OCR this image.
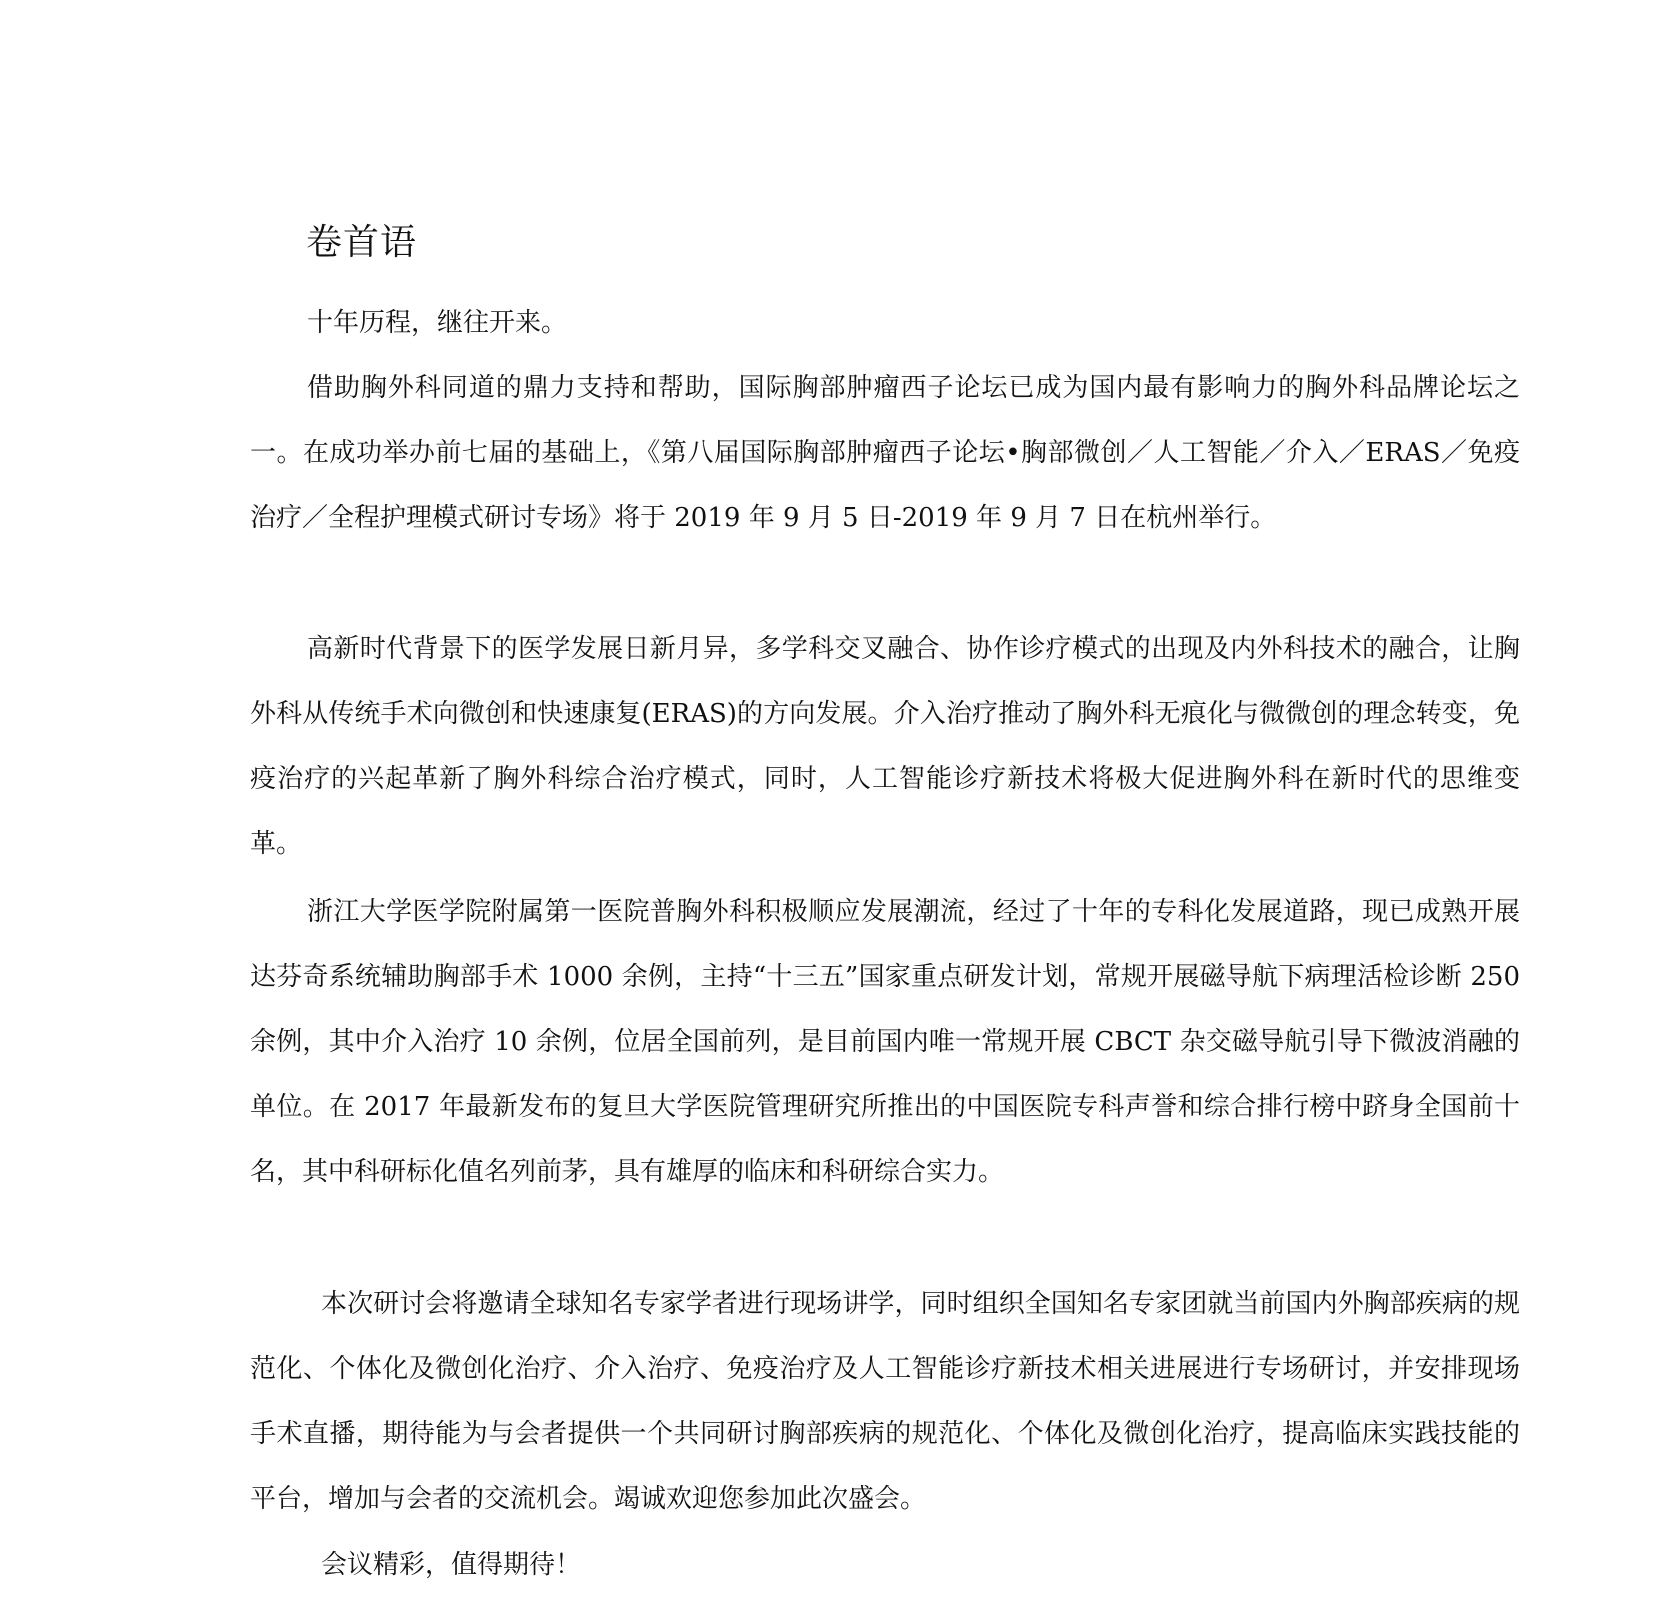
卷首语

十年历程，继往开来。

借助胸外科同道的鼎力支持和帮助，国际胸部肿瘤西子论坛已成为国内最有影响力的胸外科品牌论坛之一。在成功举办前七届的基础上，《第八届国际胸部肿瘤西子论坛•胸部微创／人工智能／介入／ERAS／免疫治疗／全程护理模式研讨专场》将于 2019 年 9 月 5 日-2019 年 9 月 7 日在杭州举行。

高新时代背景下的医学发展日新月异，多学科交叉融合、协作诊疗模式的出现及内外科技术的融合，让胸外科从传统手术向微创和快速康复(ERAS)的方向发展。介入治疗推动了胸外科无痕化与微微创的理念转变，免疫治疗的兴起革新了胸外科综合治疗模式，同时，人工智能诊疗新技术将极大促进胸外科在新时代的思维变革。

浙江大学医学院附属第一医院普胸外科积极顺应发展潮流，经过了十年的专科化发展道路，现已成熟开展达芬奇系统辅助胸部手术 1000 余例，主持“十三五”国家重点研发计划，常规开展磁导航下病理活检诊断 250 余例，其中介入治疗 10 余例，位居全国前列，是目前国内唯一常规开展 CBCT 杂交磁导航引导下微波消融的单位。在 2017 年最新发布的复旦大学医院管理研究所推出的中国医院专科声誉和综合排行榜中跻身全国前十名，其中科研标化值名列前茅，具有雄厚的临床和科研综合实力。

本次研讨会将邀请全球知名专家学者进行现场讲学，同时组织全国知名专家团就当前国内外胸部疾病的规范化、个体化及微创化治疗、介入治疗、免疫治疗及人工智能诊疗新技术相关进展进行专场研讨，并安排现场手术直播，期待能为与会者提供一个共同研讨胸部疾病的规范化、个体化及微创化治疗，提高临床实践技能的平台，增加与会者的交流机会。竭诚欢迎您参加此次盛会。

会议精彩，值得期待！
